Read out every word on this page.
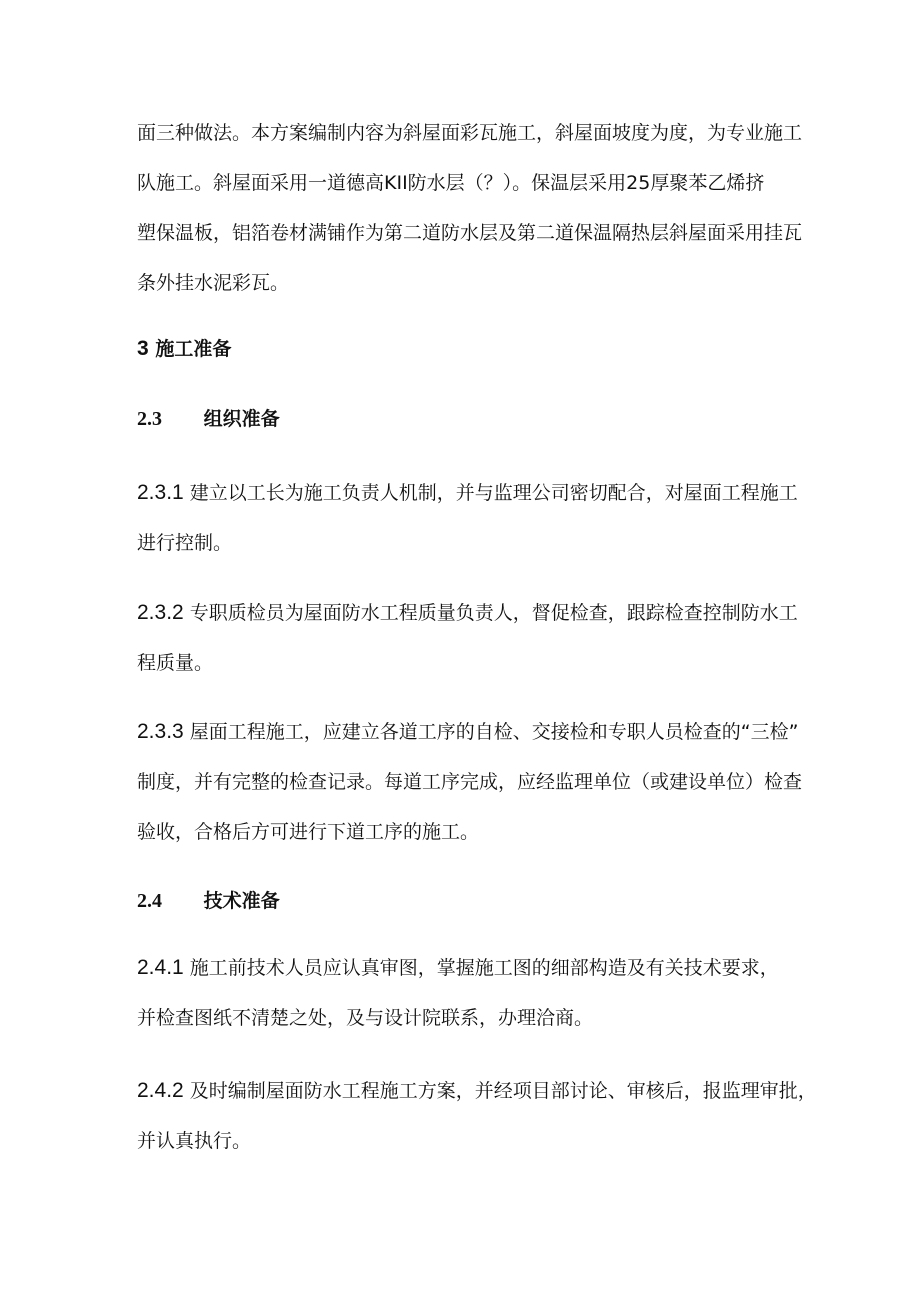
面三种做法。本方案编制内容为斜屋面彩瓦施工，斜屋面坡度为度，为专业施工
队施工。斜屋面采用一道德高KII防水层（？）。保温层采用25厚聚苯乙烯挤
塑保温板，铝箔卷材满铺作为第二道防水层及第二道保温隔热层斜屋面采用挂瓦
条外挂水泥彩瓦。
3 施工准备
2.3 组织准备
2.3.1 建立以工长为施工负责人机制，并与监理公司密切配合，对屋面工程施工
进行控制。
2.3.2 专职质检员为屋面防水工程质量负责人，督促检查，跟踪检查控制防水工
程质量。
2.3.3 屋面工程施工，应建立各道工序的自检、交接检和专职人员检查的“三检”
制度，并有完整的检查记录。每道工序完成，应经监理单位（或建设单位）检查
验收，合格后方可进行下道工序的施工。
2.4 技术准备
2.4.1 施工前技术人员应认真审图，掌握施工图的细部构造及有关技术要求，
并检查图纸不清楚之处，及与设计院联系，办理洽商。
2.4.2 及时编制屋面防水工程施工方案，并经项目部讨论、审核后，报监理审批，
并认真执行。
